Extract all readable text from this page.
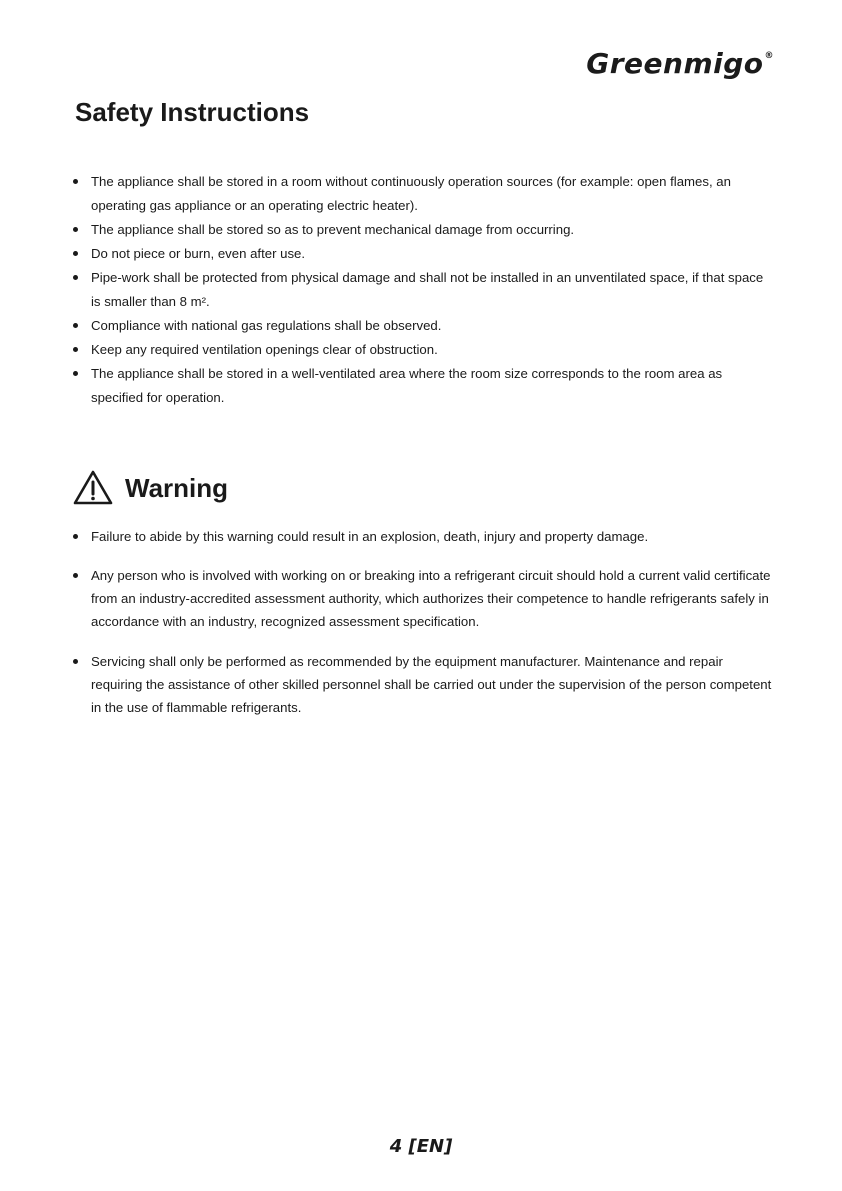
Greenmigo®
Safety Instructions
The appliance shall be stored in a room without continuously operation sources (for example: open flames, an operating gas appliance or an operating electric heater).
The appliance shall be stored so as to prevent mechanical damage from occurring.
Do not piece or burn, even after use.
Pipe-work shall be protected from physical damage and shall not be installed in an unventilated space, if that space is smaller than 8 m².
Compliance with national gas regulations shall be observed.
Keep any required ventilation openings clear of obstruction.
The appliance shall be stored in a well-ventilated area where the room size corresponds to the room area as specified for operation.
Warning
Failure to abide by this warning could result in an explosion, death, injury and property damage.
Any person who is involved with working on or breaking into a refrigerant circuit should hold a current valid certificate from an industry-accredited assessment authority, which authorizes their competence to handle refrigerants safely in accordance with an industry, recognized assessment specification.
Servicing shall only be performed as recommended by the equipment manufacturer. Maintenance and repair requiring the assistance of other skilled personnel shall be carried out under the supervision of the person competent in the use of flammable refrigerants.
4 [EN]
